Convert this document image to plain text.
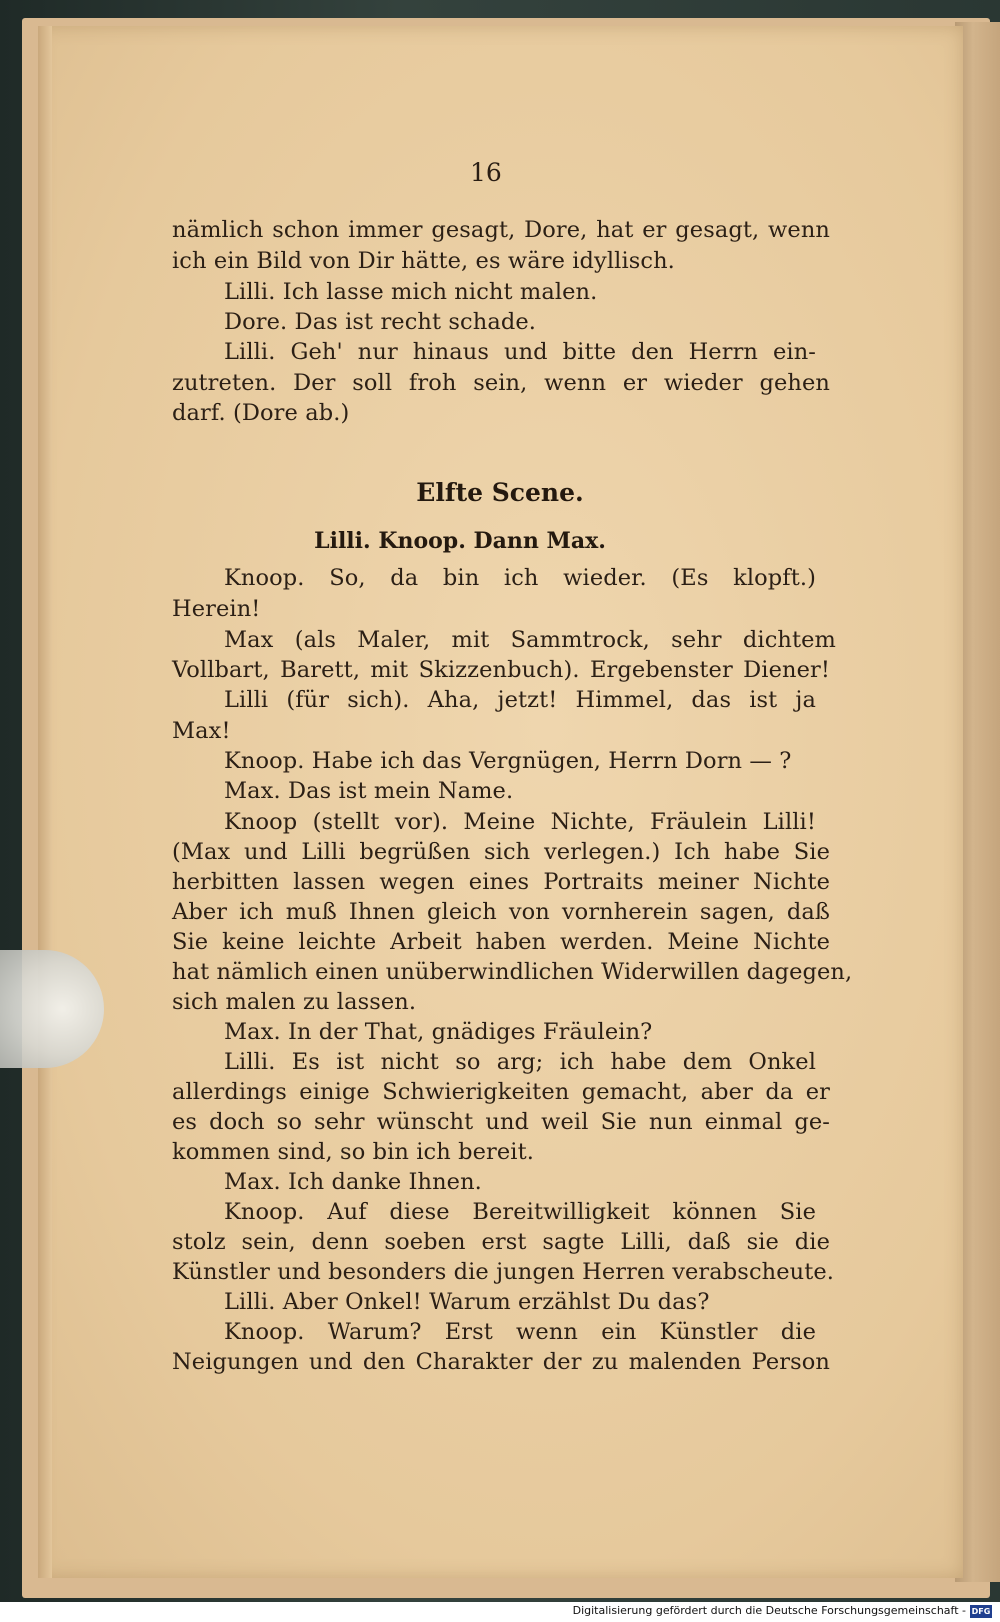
16
nämlich schon immer gesagt, Dore, hat er gesagt, wenn
ich ein Bild von Dir hätte, es wäre idyllisch.
Lilli. Ich lasse mich nicht malen.
Dore. Das ist recht schade.
Lilli. Geh' nur hinaus und bitte den Herrn ein-
zutreten. Der soll froh sein, wenn er wieder gehen
darf. (Dore ab.)
Elfte Scene.
Lilli. Knoop. Dann Max.
Knoop. So, da bin ich wieder. (Es klopft.)
Herein!
Max (als Maler, mit Sammtrock, sehr dichtem
Vollbart, Barett, mit Skizzenbuch). Ergebenster Diener!
Lilli (für sich). Aha, jetzt! Himmel, das ist ja
Max!
Knoop. Habe ich das Vergnügen, Herrn Dorn — ?
Max. Das ist mein Name.
Knoop (stellt vor). Meine Nichte, Fräulein Lilli!
(Max und Lilli begrüßen sich verlegen.) Ich habe Sie
herbitten lassen wegen eines Portraits meiner Nichte
Aber ich muß Ihnen gleich von vornherein sagen, daß
Sie keine leichte Arbeit haben werden. Meine Nichte
hat nämlich einen unüberwindlichen Widerwillen dagegen,
sich malen zu lassen.
Max. In der That, gnädiges Fräulein?
Lilli. Es ist nicht so arg; ich habe dem Onkel
allerdings einige Schwierigkeiten gemacht, aber da er
es doch so sehr wünscht und weil Sie nun einmal ge-
kommen sind, so bin ich bereit.
Max. Ich danke Ihnen.
Knoop. Auf diese Bereitwilligkeit können Sie
stolz sein, denn soeben erst sagte Lilli, daß sie die
Künstler und besonders die jungen Herren verabscheute.
Lilli. Aber Onkel! Warum erzählst Du das?
Knoop. Warum? Erst wenn ein Künstler die
Neigungen und den Charakter der zu malenden Person
Digitalisierung gefördert durch die Deutsche Forschungsgemeinschaft - DFG
